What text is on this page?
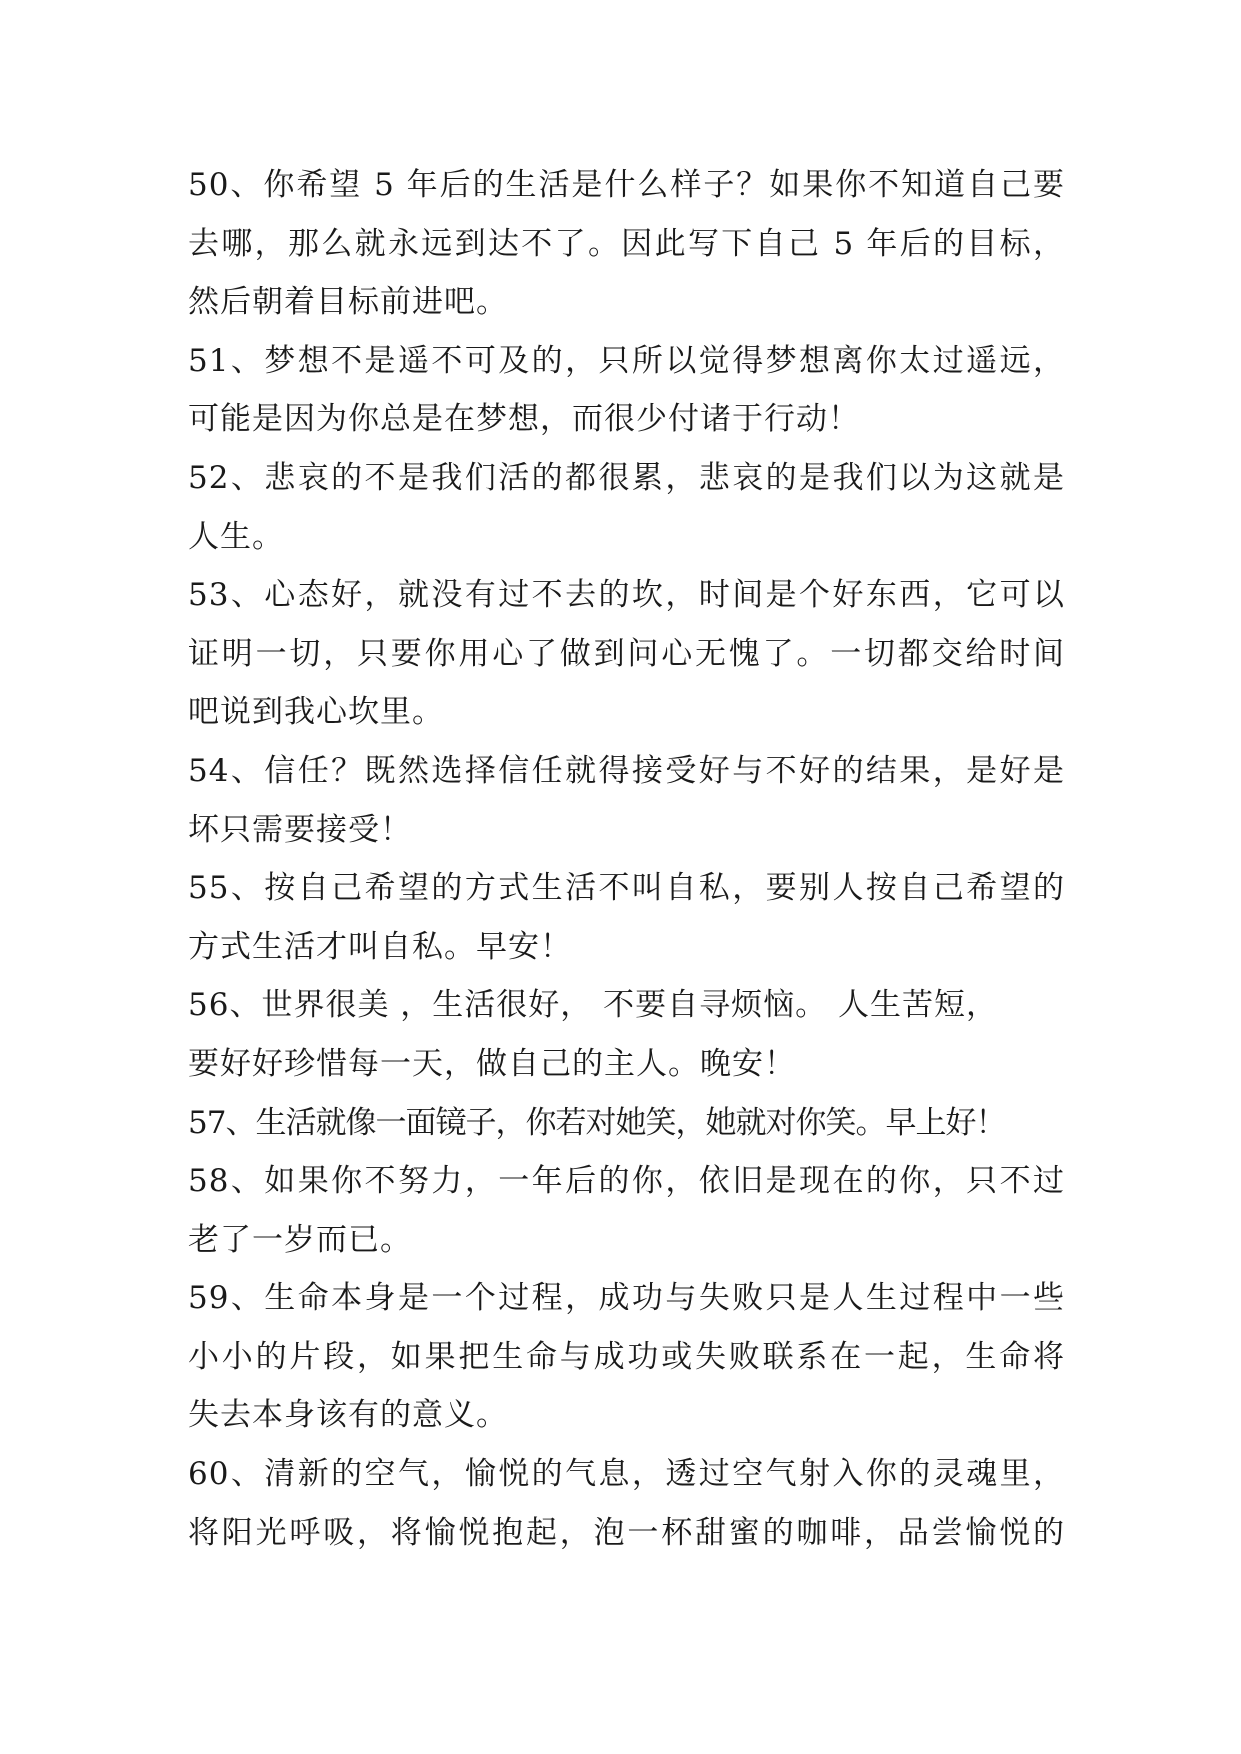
50、你希望 5 年后的生活是什么样子？如果你不知道自己要
去哪，那么就永远到达不了。因此写下自己 5 年后的目标，
然后朝着目标前进吧。
51、梦想不是遥不可及的，只所以觉得梦想离你太过遥远，
可能是因为你总是在梦想，而很少付诸于行动！
52、悲哀的不是我们活的都很累，悲哀的是我们以为这就是
人生。
53、心态好，就没有过不去的坎，时间是个好东西，它可以
证明一切，只要你用心了做到问心无愧了。一切都交给时间
吧说到我心坎里。
54、信任？既然选择信任就得接受好与不好的结果，是好是
坏只需要接受！
55、按自己希望的方式生活不叫自私，要别人按自己希望的
方式生活才叫自私。早安！
56、世界很美 ，生活很好， 不要自寻烦恼。 人生苦短，
要好好珍惜每一天，做自己的主人。晚安！
57、生活就像一面镜子，你若对她笑，她就对你笑。早上好！
58、如果你不努力，一年后的你，依旧是现在的你，只不过
老了一岁而已。
59、生命本身是一个过程，成功与失败只是人生过程中一些
小小的片段，如果把生命与成功或失败联系在一起，生命将
失去本身该有的意义。
60、清新的空气，愉悦的气息，透过空气射入你的灵魂里，
将阳光呼吸，将愉悦抱起，泡一杯甜蜜的咖啡，品尝愉悦的
